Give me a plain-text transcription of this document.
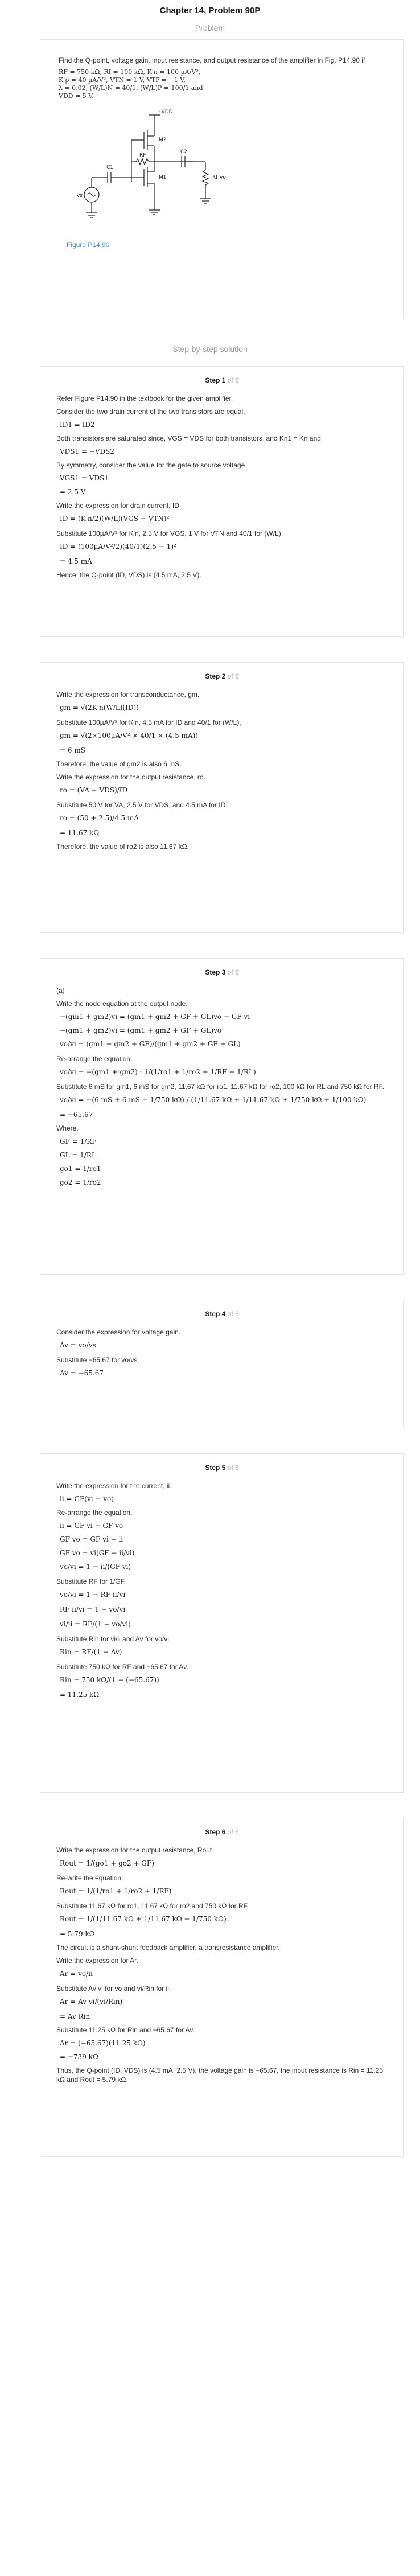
Chapter 14, Problem 90P
Problem

Find the Q-point, voltage gain, input resistance, and output resistance of the amplifier in Fig. P14.90 if

RF = 750 kΩ, RI = 100 kΩ, K'n = 100 µA/V²,
K'p = 40 µA/V², VTN = 1 V, VTP = −1 V,
λ = 0.02, (W/L)N = 40/1, (W/L)P = 100/1 and
VDD = 5 V.
+VDD
M2
M1
RF
RI
C1
C2
vs
vo
Figure P14.90
Step-by-step solution
Step 1 of 6
Refer Figure P14.90 in the textbook for the given amplifier.
Consider the two drain current of the two transistors are equal.
ID1 = ID2
Both transistors are saturated since, VGS = VDS for both transistors, and Kn1 = Kn and
VDS1 = −VDS2
By symmetry, consider the value for the gate to source voltage.
VGS1 = VDS1
= 2.5 V
Write the expression for drain current, ID.
ID = (K'n/2)(W/L)(VGS − VTN)²
Substitute 100µA/V² for K'n, 2.5 V for VGS, 1 V for VTN and 40/1 for (W/L),
ID = (100µA/V²/2)(40/1)(2.5 − 1)²
= 4.5 mA
Hence, the Q-point (ID, VDS) is (4.5 mA, 2.5 V).
Step 2 of 6
Write the expression for transconductance, gm.
gm = √(2K'n(W/L)(ID))
Substitute 100µA/V² for K'n, 4.5 mA for ID and 40/1 for (W/L),
gm = √(2×100µA/V² × 40/1 × (4.5 mA))
= 6 mS
Therefore, the value of gm2 is also 6 mS.
Write the expression for the output resistance, ro.
ro = (VA + VDS)/ID
Substitute 50 V for VA, 2.5 V for VDS, and 4.5 mA for ID.
ro = (50 + 2.5)/4.5 mA
= 11.67 kΩ
Therefore, the value of ro2 is also 11.67 kΩ.
Step 3 of 6
(a)
Write the node equation at the output node.
−(gm1 + gm2)vi = (gm1 + gm2 + GF + GL)vo − GF vi
−(gm1 + gm2)vi = (gm1 + gm2 + GF + GL)vo
vo/vi = (gm1 + gm2 + GF)/(gm1 + gm2 + GF + GL)
Re-arrange the equation.
vo/vi = −(gm1 + gm2) · 1/(1/ro1 + 1/ro2 + 1/RF + 1/RL)
Substitute 6 mS for gm1, 6 mS for gm2, 11.67 kΩ for ro1, 11.67 kΩ for ro2, 100 kΩ for RL and 750 kΩ for RF.
vo/vi = −(6 mS + 6 mS − 1/750 kΩ) / (1/11.67 kΩ + 1/11.67 kΩ + 1/750 kΩ + 1/100 kΩ)
= −65.67
Where,
GF = 1/RF
GL = 1/RL
go1 = 1/ro1
go2 = 1/ro2
Step 4 of 6
Consider the expression for voltage gain.
Av = vo/vs
Substitute −65.67 for vo/vs.
Av = −65.67
Step 5 of 6
Write the expression for the current, ii.
ii = GF(vi − vo)
Re-arrange the equation.
ii = GF vi − GF vo
GF vo = GF vi − ii
GF vo = vi(GF − ii/vi)
vo/vi = 1 − ii/(GF vi)
Substitute RF for 1/GF.
vo/vi = 1 − RF ii/vi
RF ii/vi = 1 − vo/vi
vi/ii = RF/(1 − vo/vi)
Substitute Rin for vi/ii and Av for vo/vi.
Rin = RF/(1 − Av)
Substitute 750 kΩ for RF and −65.67 for Av.
Rin = 750 kΩ/(1 − (−65.67))
= 11.25 kΩ
Step 6 of 6
Write the expression for the output resistance, Rout.
Rout = 1/(go1 + go2 + GF)
Re-write the equation.
Rout = 1/(1/ro1 + 1/ro2 + 1/RF)
Substitute 11.67 kΩ for ro1, 11.67 kΩ for ro2 and 750 kΩ for RF.
Rout = 1/(1/11.67 kΩ + 1/11.67 kΩ + 1/750 kΩ)
= 5.79 kΩ
The circuit is a shunt-shunt feedback amplifier, a transresistance amplifier.
Write the expression for Ar.
Ar = vo/ii
Substitute Av vi for vo and vi/Rin for ii.
Ar = Av vi/(vi/Rin)
= Av Rin
Substitute 11.25 kΩ for Rin and −65.67 for Av.
Ar = (−65.67)(11.25 kΩ)
= −739 kΩ
Thus, the Q-point (ID, VDS) is (4.5 mA, 2.5 V), the voltage gain is −65.67, the input resistance is Rin = 11.25 kΩ and Rout = 5.79 kΩ.
